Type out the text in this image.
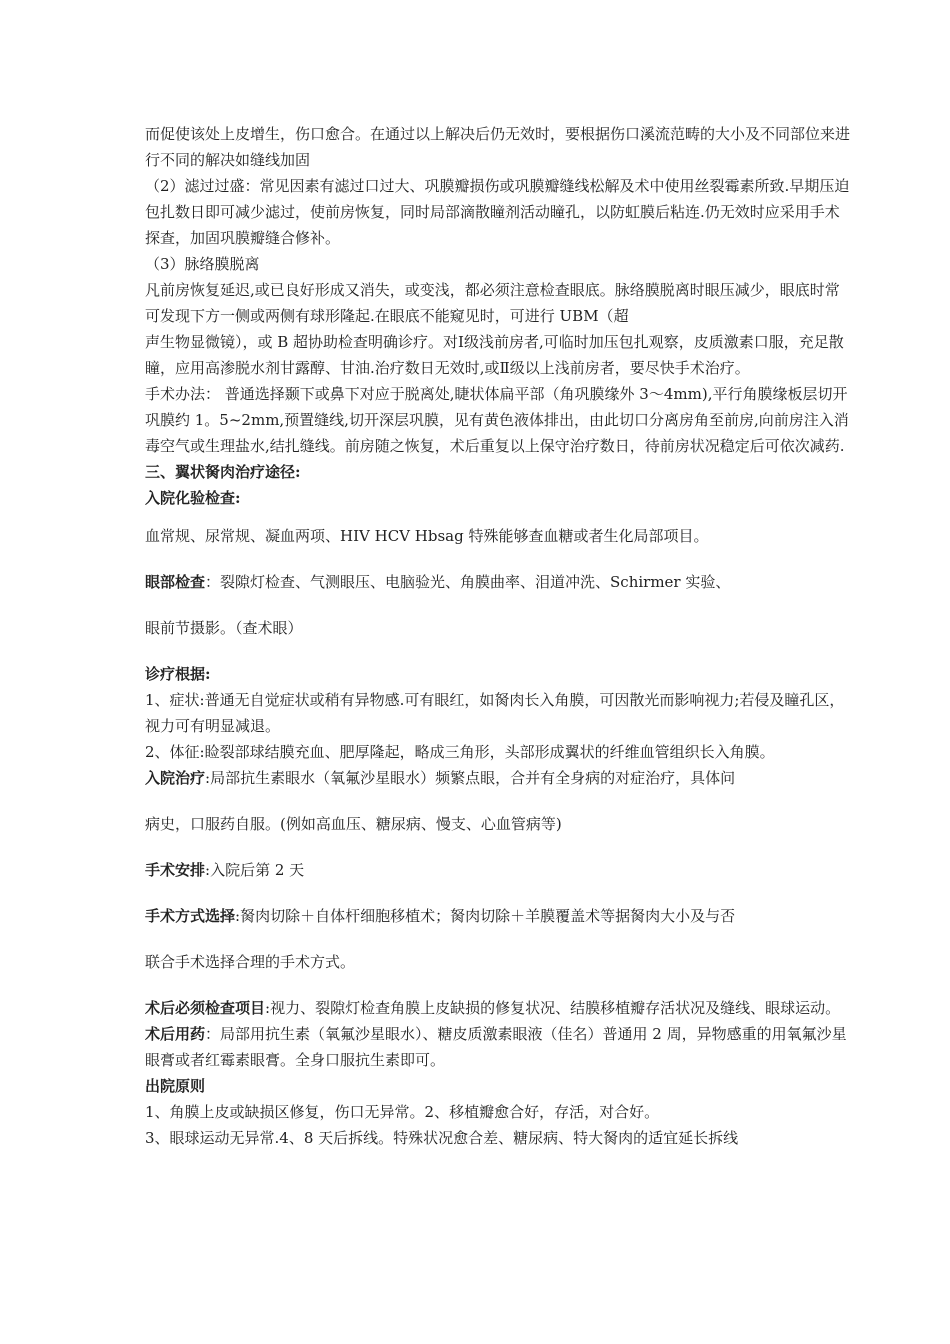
而促使该处上皮增生，伤口愈合。在通过以上解决后仍无效时，要根据伤口溪流范畴的大小及不同部位来进行不同的解决如缝线加固

（2）滤过过盛：常见因素有滤过口过大、巩膜瓣损伤或巩膜瓣缝线松解及术中使用丝裂霉素所致.早期压迫包扎数日即可减少滤过，使前房恢复，同时局部滴散瞳剂活动瞳孔，以防虹膜后粘连.仍无效时应采用手术探查，加固巩膜瓣缝合修补。

（3）脉络膜脱离

凡前房恢复延迟,或已良好形成又消失，或变浅，都必须注意检查眼底。脉络膜脱离时眼压减少，眼底时常可发现下方一侧或两侧有球形隆起.在眼底不能窥见时，可进行 UBM（超

声生物显微镜），或 B 超协助检查明确诊疗。对Ⅰ级浅前房者,可临时加压包扎观察，皮质激素口服，充足散瞳，应用高渗脱水剂甘露醇、甘油.治疗数日无效时,或Ⅱ级以上浅前房者，要尽快手术治疗。

手术办法： 普通选择颞下或鼻下对应于脱离处,睫状体扁平部（角巩膜缘外 3～4mm),平行角膜缘板层切开巩膜约 1。5~2mm,预置缝线,切开深层巩膜，见有黄色液体排出，由此切口分离房角至前房,向前房注入消毒空气或生理盐水,结扎缝线。前房随之恢复，术后重复以上保守治疗数日，待前房状况稳定后可依次减药.

三、翼状胬肉治疗途径:

入院化验检查:

血常规、尿常规、凝血两项、HIV HCV Hbsag 特殊能够查血糖或者生化局部项目。

眼部检查：裂隙灯检查、气测眼压、电脑验光、角膜曲率、泪道冲洗、Schirmer 实验、

眼前节摄影。（查术眼）

诊疗根据:

1、症状:普通无自觉症状或稍有异物感.可有眼红，如胬肉长入角膜，可因散光而影响视力;若侵及瞳孔区，视力可有明显减退。

2、体征:睑裂部球结膜充血、肥厚隆起，略成三角形，头部形成翼状的纤维血管组织长入角膜。

入院治疗:局部抗生素眼水（氧氟沙星眼水）频繁点眼，合并有全身病的对症治疗，具体问

病史，口服药自服。(例如高血压、糖尿病、慢支、心血管病等)

手术安排:入院后第 2 天

手术方式选择:胬肉切除＋自体杆细胞移植术；胬肉切除＋羊膜覆盖术等据胬肉大小及与否

联合手术选择合理的手术方式。

术后必须检查项目:视力、裂隙灯检查角膜上皮缺损的修复状况、结膜移植瓣存活状况及缝线、眼球运动。

术后用药：局部用抗生素（氧氟沙星眼水）、糖皮质激素眼液（佳名）普通用 2 周，异物感重的用氧氟沙星眼膏或者红霉素眼膏。全身口服抗生素即可。

出院原则

1、角膜上皮或缺损区修复，伤口无异常。2、移植瓣愈合好，存活，对合好。

3、眼球运动无异常.4、8 天后拆线。特殊状况愈合差、糖尿病、特大胬肉的适宜延长拆线
